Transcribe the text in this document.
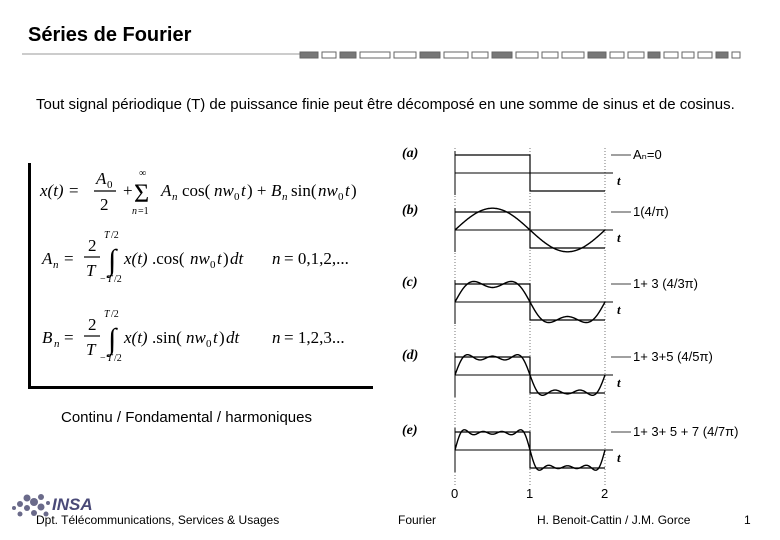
Séries de Fourier
Tout signal périodique (T) de puissance finie peut être décomposé en une somme de sinus et de cosinus.
x(t) =
A 0
2
+
∞
Σ
n =1
A n cos( nw 0 t ) + B n sin( nw 0 t )
A n =
2
T
T /2
∫
− T /2
x(t) .cos( nw 0 t ) dt n = 0,1,2,...
B n =
2
T
T /2
∫
− T /2
x(t) .sin( nw 0 t ) dt n = 1,2,3...
(a)
t
Aₙ=0
(b)
t
1(4/π)
(c)
t
1+ 3 (4/3π)
(d)
t
1+ 3+5 (4/5π)
(e)
t
1+ 3+ 5 + 7 (4/7π)
0	1	2
Continu / Fondamental / harmoniques
INSA
Dpt. Télécommunications, Services & Usages	Fourier	H. Benoit-Cattin / J.M. Gorce	1
